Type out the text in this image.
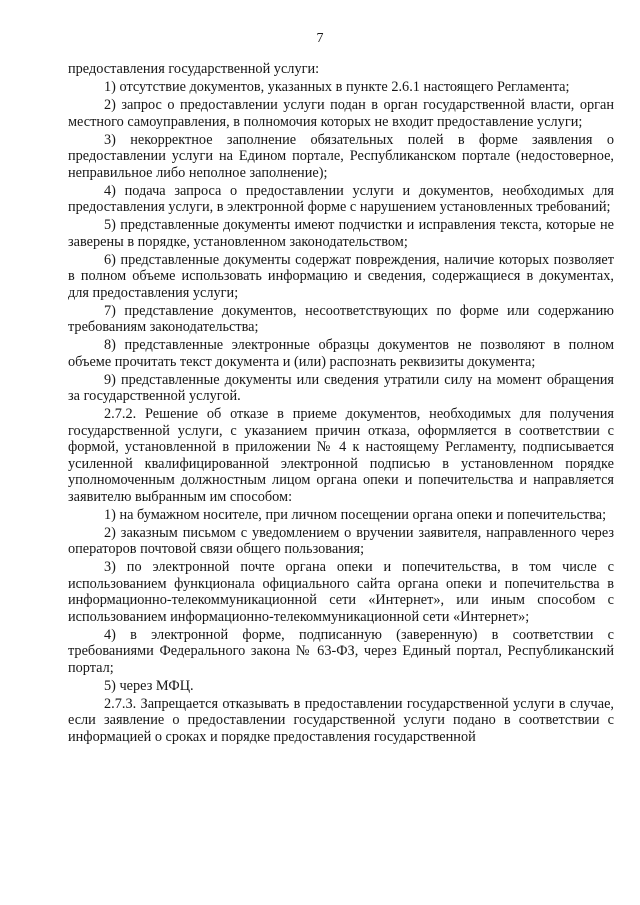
7

предоставления государственной услуги:

1) отсутствие документов, указанных в пункте 2.6.1 настоящего Регламента;

2) запрос о предоставлении услуги подан в орган государственной власти, орган местного самоуправления, в полномочия которых не входит предоставление услуги;

3) некорректное заполнение обязательных полей в форме заявления о предоставлении услуги на Едином портале, Республиканском портале (недостоверное, неправильное либо неполное заполнение);

4) подача запроса о предоставлении услуги и документов, необходимых для предоставления услуги, в электронной форме с нарушением установленных требований;

5) представленные документы имеют подчистки и исправления текста, которые не заверены в порядке, установленном законодательством;

6) представленные документы содержат повреждения, наличие которых позволяет в полном объеме использовать информацию и сведения, содержащиеся в документах, для предоставления услуги;

7) представление документов, несоответствующих по форме или содержанию требованиям законодательства;

8) представленные электронные образцы документов не позволяют в полном объеме прочитать текст документа и (или) распознать реквизиты документа;

9) представленные документы или сведения утратили силу на момент обращения за государственной услугой.

2.7.2. Решение об отказе в приеме документов, необходимых для получения государственной услуги, с указанием причин отказа, оформляется в соответствии с формой, установленной в приложении № 4 к настоящему Регламенту, подписывается усиленной квалифицированной электронной подписью в установленном порядке уполномоченным должностным лицом органа опеки и попечительства и направляется заявителю выбранным им способом:

1) на бумажном носителе, при личном посещении органа опеки и попечительства;

2) заказным письмом с уведомлением о вручении заявителя, направленного через операторов почтовой связи общего пользования;

3) по электронной почте органа опеки и попечительства, в том числе с использованием функционала официального сайта органа опеки и попечительства в информационно-телекоммуникационной сети «Интернет», или иным способом с использованием информационно-телекоммуникационной сети «Интернет»;

4) в электронной форме, подписанную (заверенную) в соответствии с требованиями Федерального закона № 63-ФЗ, через Единый портал, Республиканский портал;

5) через МФЦ.

2.7.3. Запрещается отказывать в предоставлении государственной услуги в случае, если заявление о предоставлении государственной услуги подано в соответствии с информацией о сроках и порядке предоставления государственной
